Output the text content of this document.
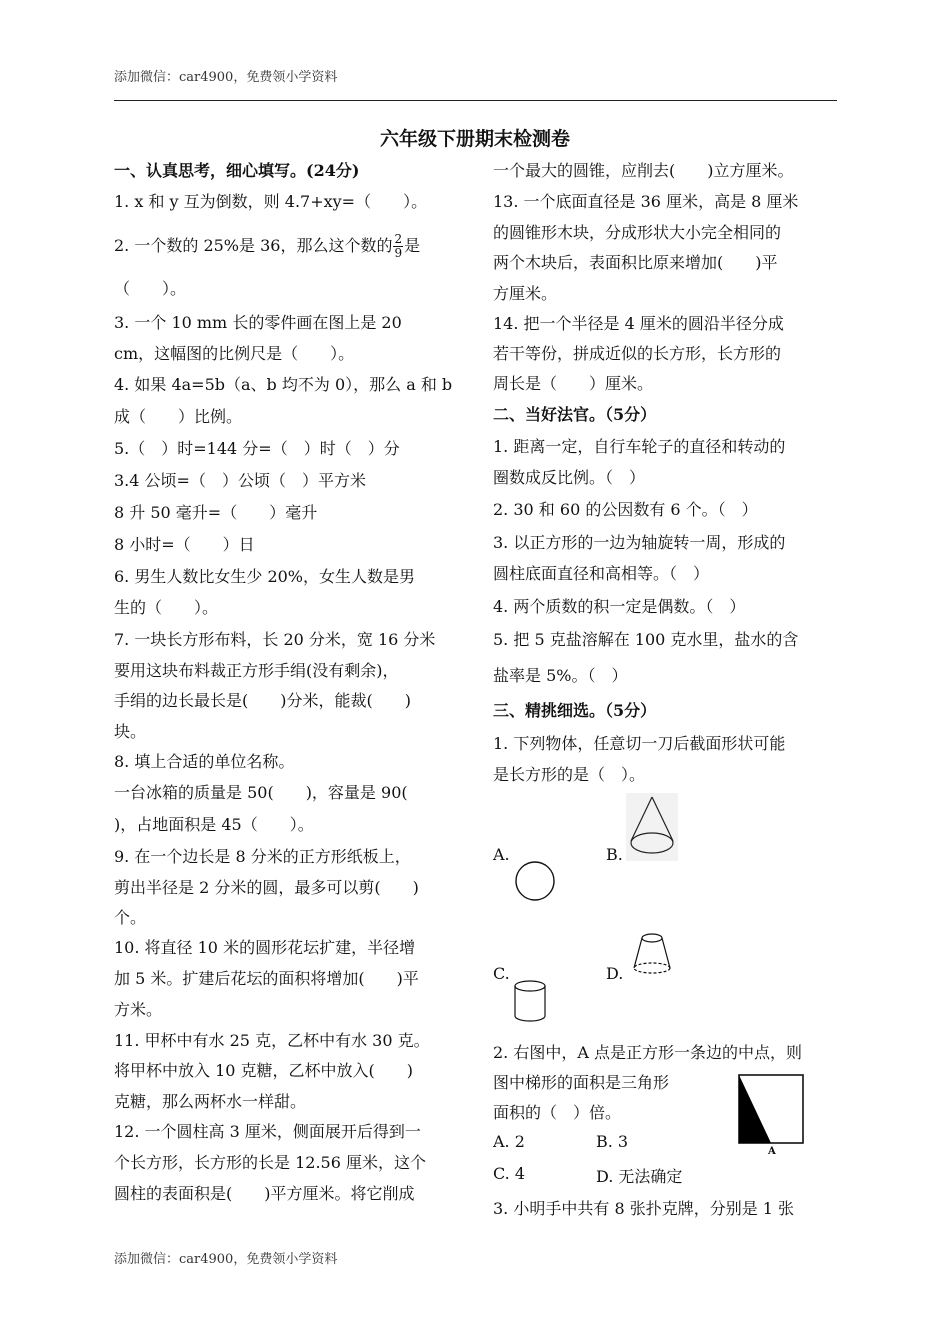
添加微信：car4900，免费领小学资料
六年级下册期末检测卷
一、认真思考，细心填写。(24分)
1. x 和 y 互为倒数，则 4.7+xy=（　　）。
2. 一个数的 25%是 36，那么这个数的 $\frac{2}{9}$ 是
（　　）。
3. 一个 10 mm 长的零件画在图上是 20
cm，这幅图的比例尺是（　　）。
4. 如果 4a=5b（a、b 均不为 0），那么 a 和 b
成（　　）比例。
5.（　）时=144 分=（　）时（　）分
3.4 公顷=（　）公顷（　）平方米
8 升 50 毫升=（　　）毫升
8 小时=（　　）日
6. 男生人数比女生少 20%，女生人数是男
生的（　　）。
7. 一块长方形布料，长 20 分米，宽 16 分米
要用这块布料裁正方形手绢(没有剩余)，
手绢的边长最长是(　　)分米，能裁(　　)
块。
8. 填上合适的单位名称。
一台冰箱的质量是 50(　　)，容量是 90(
)，占地面积是 45（　　）。
9. 在一个边长是 8 分米的正方形纸板上，
剪出半径是 2 分米的圆，最多可以剪(　　)
个。
10. 将直径 10 米的圆形花坛扩建，半径增
加 5 米。扩建后花坛的面积将增加(　　)平
方米。
11. 甲杯中有水 25 克，乙杯中有水 30 克。
将甲杯中放入 10 克糖，乙杯中放入(　　)
克糖，那么两杯水一样甜。
12. 一个圆柱高 3 厘米，侧面展开后得到一
个长方形，长方形的长是 12.56 厘米，这个
圆柱的表面积是(　　)平方厘米。将它削成
一个最大的圆锥，应削去(　　)立方厘米。
13. 一个底面直径是 36 厘米，高是 8 厘米
的圆锥形木块，分成形状大小完全相同的
两个木块后，表面积比原来增加(　　)平
方厘米。
14. 把一个半径是 4 厘米的圆沿半径分成
若干等份，拼成近似的长方形，长方形的
周长是（　　）厘米。
二、当好法官。（5分）
1. 距离一定，自行车轮子的直径和转动的
圈数成反比例。（　）
2. 30 和 60 的公因数有 6 个。（　）
3. 以正方形的一边为轴旋转一周，形成的
圆柱底面直径和高相等。（　）
4. 两个质数的积一定是偶数。（　）
5. 把 5 克盐溶解在 100 克水里，盐水的含
盐率是 5%。（　）
三、精挑细选。（5分）
1. 下列物体，任意切一刀后截面形状可能
是长方形的是（　）。
A.	B.
C.	D.
2. 右图中，A 点是正方形一条边的中点，则
图中梯形的面积是三角形
面积的（　）倍。
A. 2	B. 3
C. 4	D. 无法确定
3. 小明手中共有 8 张扑克牌，分别是 1 张
A
添加微信：car4900，免费领小学资料
